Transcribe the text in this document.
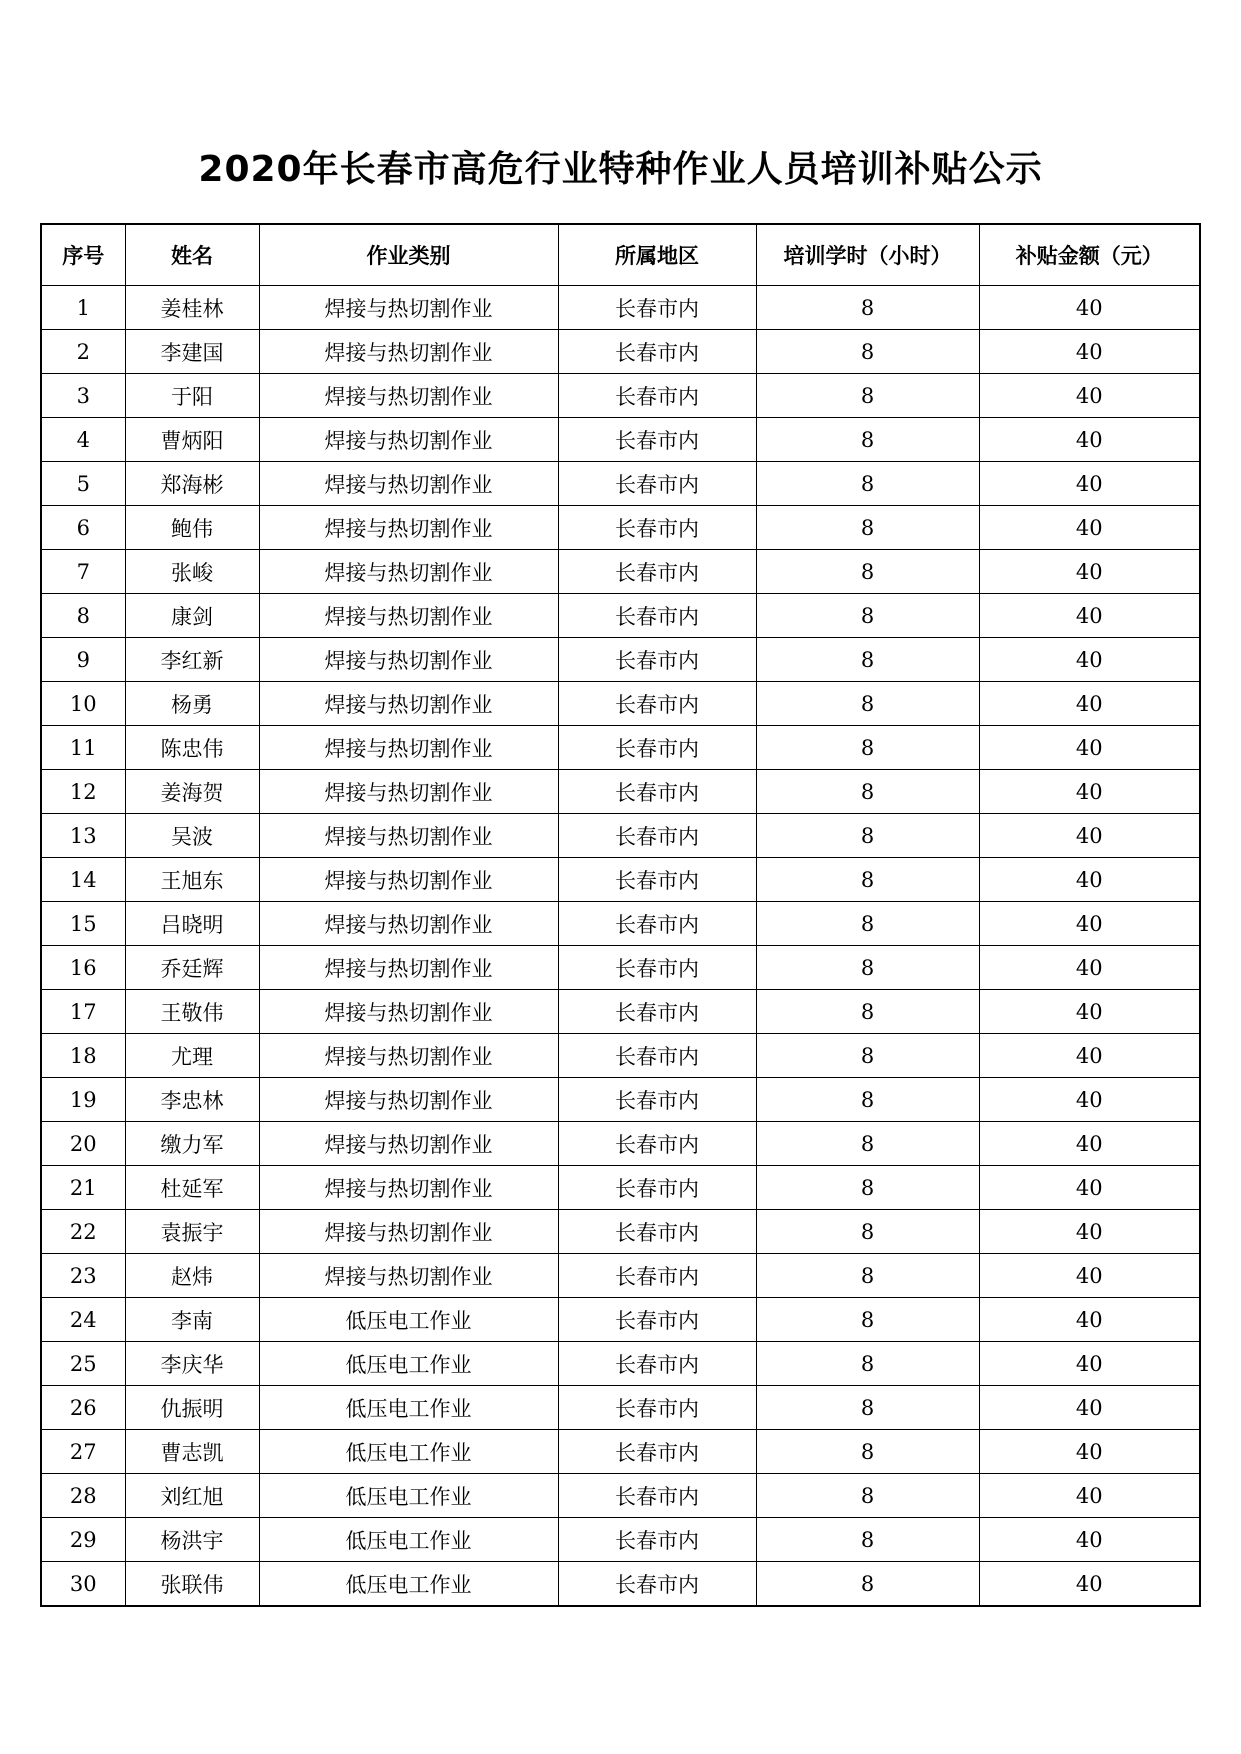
2020年长春市高危行业特种作业人员培训补贴公示
序号	姓名	作业类别	所属地区	培训学时（小时）	补贴金额（元）
1	姜桂林	焊接与热切割作业	长春市内	8	40
2	李建国	焊接与热切割作业	长春市内	8	40
3	于阳	焊接与热切割作业	长春市内	8	40
4	曹炳阳	焊接与热切割作业	长春市内	8	40
5	郑海彬	焊接与热切割作业	长春市内	8	40
6	鲍伟	焊接与热切割作业	长春市内	8	40
7	张峻	焊接与热切割作业	长春市内	8	40
8	康剑	焊接与热切割作业	长春市内	8	40
9	李红新	焊接与热切割作业	长春市内	8	40
10	杨勇	焊接与热切割作业	长春市内	8	40
11	陈忠伟	焊接与热切割作业	长春市内	8	40
12	姜海贺	焊接与热切割作业	长春市内	8	40
13	吴波	焊接与热切割作业	长春市内	8	40
14	王旭东	焊接与热切割作业	长春市内	8	40
15	吕晓明	焊接与热切割作业	长春市内	8	40
16	乔廷辉	焊接与热切割作业	长春市内	8	40
17	王敬伟	焊接与热切割作业	长春市内	8	40
18	尤理	焊接与热切割作业	长春市内	8	40
19	李忠林	焊接与热切割作业	长春市内	8	40
20	缴力军	焊接与热切割作业	长春市内	8	40
21	杜延军	焊接与热切割作业	长春市内	8	40
22	袁振宇	焊接与热切割作业	长春市内	8	40
23	赵炜	焊接与热切割作业	长春市内	8	40
24	李南	低压电工作业	长春市内	8	40
25	李庆华	低压电工作业	长春市内	8	40
26	仇振明	低压电工作业	长春市内	8	40
27	曹志凯	低压电工作业	长春市内	8	40
28	刘红旭	低压电工作业	长春市内	8	40
29	杨洪宇	低压电工作业	长春市内	8	40
30	张联伟	低压电工作业	长春市内	8	40
